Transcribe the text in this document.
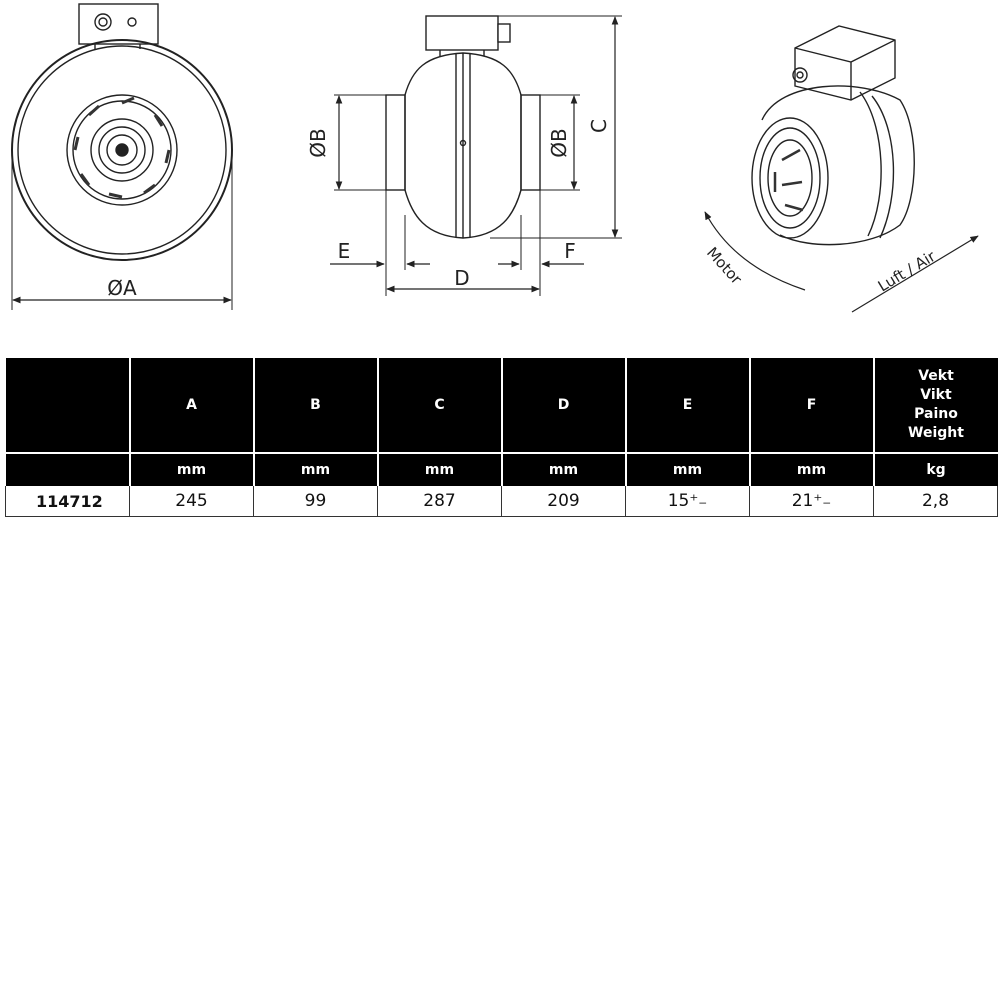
ØA
ØB	ØB
C
D
E	F	Motor	Luft / Air
	A	B	C	D	E	F	Vekt
Vikt
Paino
Weight

	mm	mm	mm	mm	mm	mm	kg
114712	245	99	287	209	15⁺₋	21⁺₋	2,8
